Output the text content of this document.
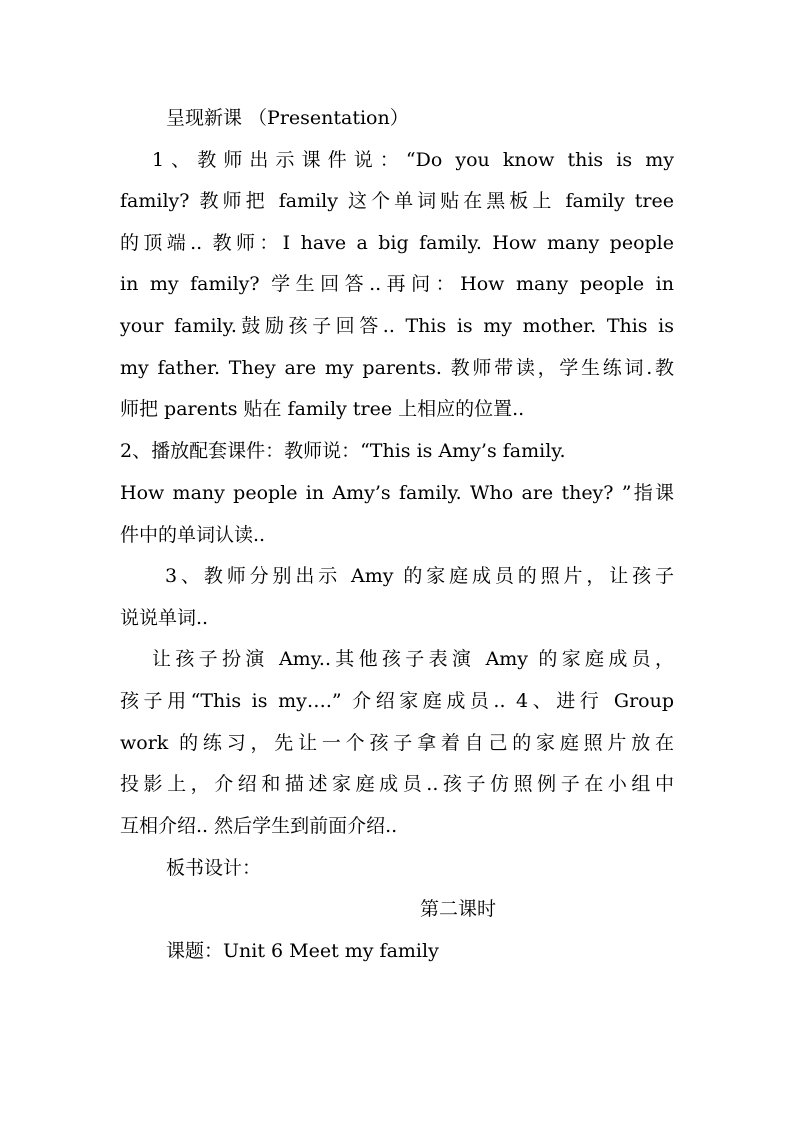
呈现新课 （Presentation）
1、教师出示课件说：“Do you know this is my
family? 教师把 family 这个单词贴在黑板上 family tree
的顶端.. 教师：I have a big family. How many people
in my family? 学生回答..再问：How many people in
your family.鼓励孩子回答.. This is my mother. This is
my father. They are my parents. 教师带读，学生练词.教
师把 parents 贴在 family tree 上相应的位置..
2、播放配套课件：教师说：“This is Amy’s family.
How many people in Amy’s family. Who are they? ”指课
件中的单词认读..
3、教师分别出示 Amy 的家庭成员的照片，让孩子
说说单词..
让孩子扮演 Amy..其他孩子表演 Amy 的家庭成员，
孩子用“This is my….” 介绍家庭成员.. 4、进行 Group
work 的练习，先让一个孩子拿着自己的家庭照片放在
投影上，介绍和描述家庭成员..孩子仿照例子在小组中
互相介绍.. 然后学生到前面介绍..
板书设计：
第二课时
课题：Unit 6 Meet my family
